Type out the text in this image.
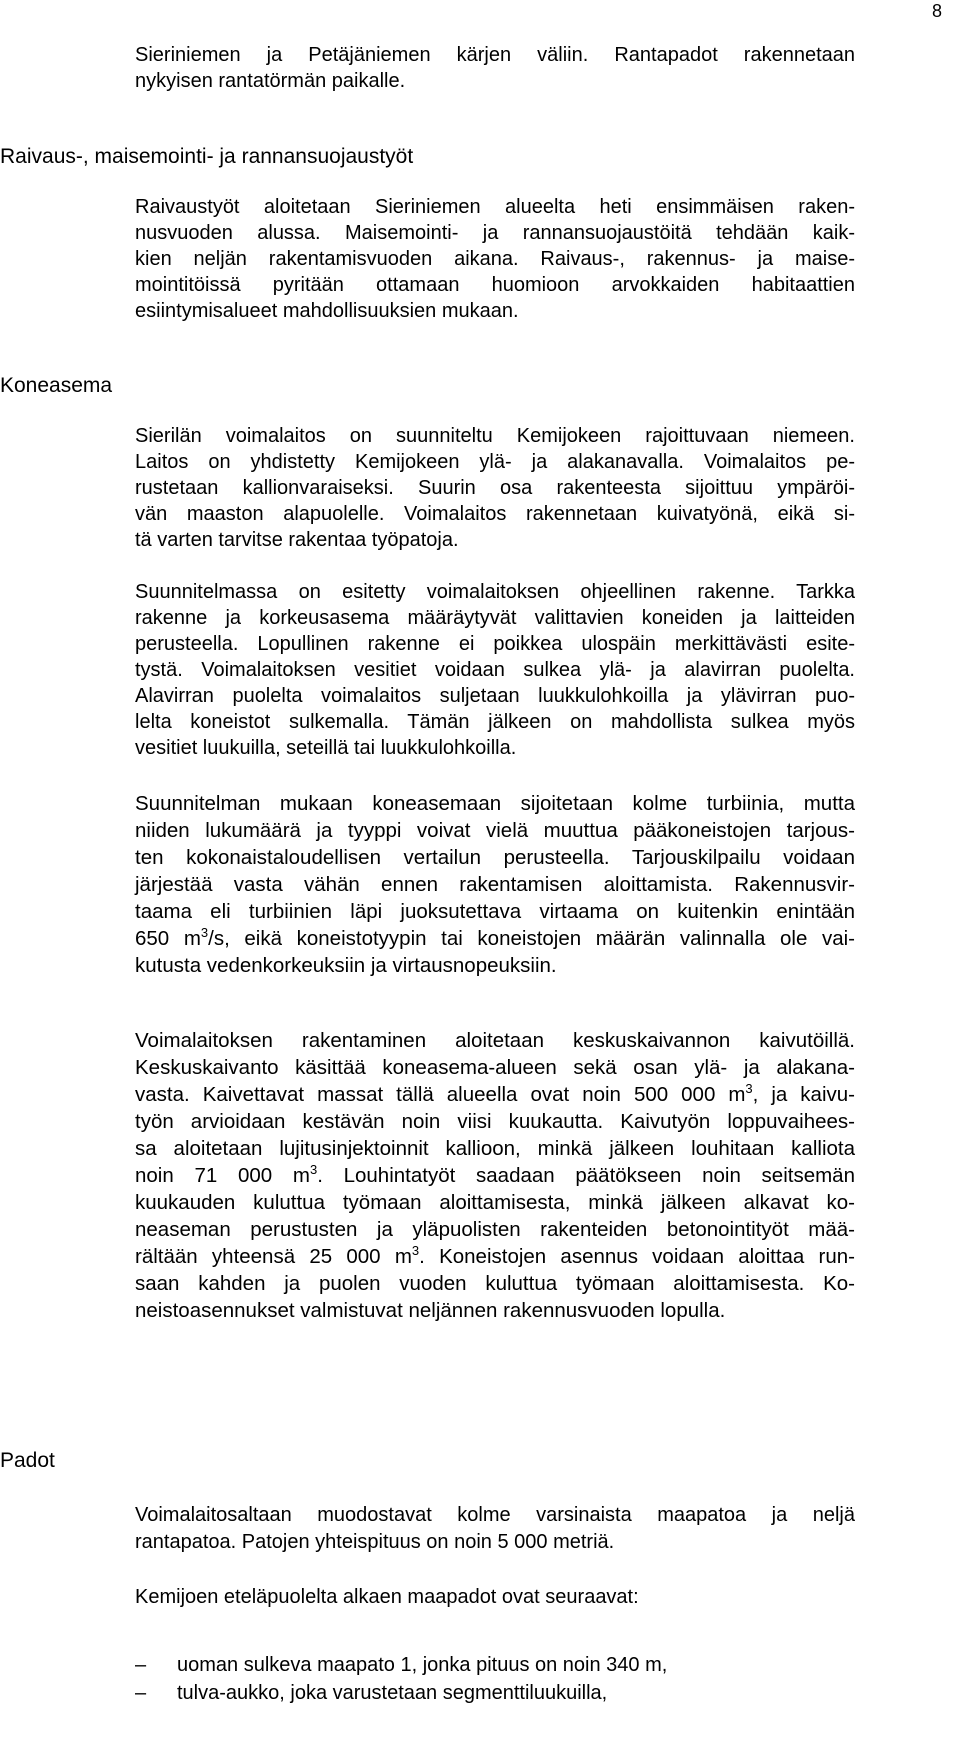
8
Sieriniemen ja Petäjäniemen kärjen väliin. Rantapadot rakennetaan
nykyisen rantatörmän paikalle.
Raivaus-, maisemointi- ja rannansuojaustyöt
Raivaustyöt aloitetaan Sieriniemen alueelta heti ensimmäisen raken-
nusvuoden alussa. Maisemointi- ja rannansuojaustöitä tehdään kaik-
kien neljän rakentamisvuoden aikana. Raivaus-, rakennus- ja maise-
mointitöissä pyritään ottamaan huomioon arvokkaiden habitaattien
esiintymisalueet mahdollisuuksien mukaan.
Koneasema
Sierilän voimalaitos on suunniteltu Kemijokeen rajoittuvaan niemeen.
Laitos on yhdistetty Kemijokeen ylä- ja alakanavalla. Voimalaitos pe-
rustetaan kallionvaraiseksi. Suurin osa rakenteesta sijoittuu ympäröi-
vän maaston alapuolelle. Voimalaitos rakennetaan kuivatyönä, eikä si-
tä varten tarvitse rakentaa työpatoja.
Suunnitelmassa on esitetty voimalaitoksen ohjeellinen rakenne. Tarkka
rakenne ja korkeusasema määräytyvät valittavien koneiden ja laitteiden
perusteella. Lopullinen rakenne ei poikkea ulospäin merkittävästi esite-
tystä. Voimalaitoksen vesitiet voidaan sulkea ylä- ja alavirran puolelta.
Alavirran puolelta voimalaitos suljetaan luukkulohkoilla ja ylävirran puo-
lelta koneistot sulkemalla. Tämän jälkeen on mahdollista sulkea myös
vesitiet luukuilla, seteillä tai luukkulohkoilla.
Suunnitelman mukaan koneasemaan sijoitetaan kolme turbiinia, mutta
niiden lukumäärä ja tyyppi voivat vielä muuttua pääkoneistojen tarjous-
ten kokonaistaloudellisen vertailun perusteella. Tarjouskilpailu voidaan
järjestää vasta vähän ennen rakentamisen aloittamista. Rakennusvir-
taama eli turbiinien läpi juoksutettava virtaama on kuitenkin enintään
650 $m^3/s$, eikä koneistotyypin tai koneistojen määrän valinnalla ole vai-
kutusta vedenkorkeuksiin ja virtausnopeuksiin.
Voimalaitoksen rakentaminen aloitetaan keskuskaivannon kaivutöillä.
Keskuskaivanto käsittää koneasema-alueen sekä osan ylä- ja alakana-
vasta. Kaivettavat massat tällä alueella ovat noin 500 000 $m^3$, ja kaivu-
työn arvioidaan kestävän noin viisi kuukautta. Kaivutyön loppuvaihees-
sa aloitetaan lujitusinjektoinnit kallioon, minkä jälkeen louhitaan kalliota
noin 71 000 $m^3$. Louhintatyöt saadaan päätökseen noin seitsemän
kuukauden kuluttua työmaan aloittamisesta, minkä jälkeen alkavat ko-
neaseman perustusten ja yläpuolisten rakenteiden betonointityöt mää-
rältään yhteensä 25 000 $m^3$. Koneistojen asennus voidaan aloittaa run-
saan kahden ja puolen vuoden kuluttua työmaan aloittamisesta. Ko-
neistoasennukset valmistuvat neljännen rakennusvuoden lopulla.
Padot
Voimalaitosaltaan muodostavat kolme varsinaista maapatoa ja neljä
rantapatoa. Patojen yhteispituus on noin 5 000 metriä.

Kemijoen eteläpuolelta alkaen maapadot ovat seuraavat:

–	uoman sulkeva maapato 1, jonka pituus on noin 340 m,
–	tulva-aukko, joka varustetaan segmenttiluukuilla,
